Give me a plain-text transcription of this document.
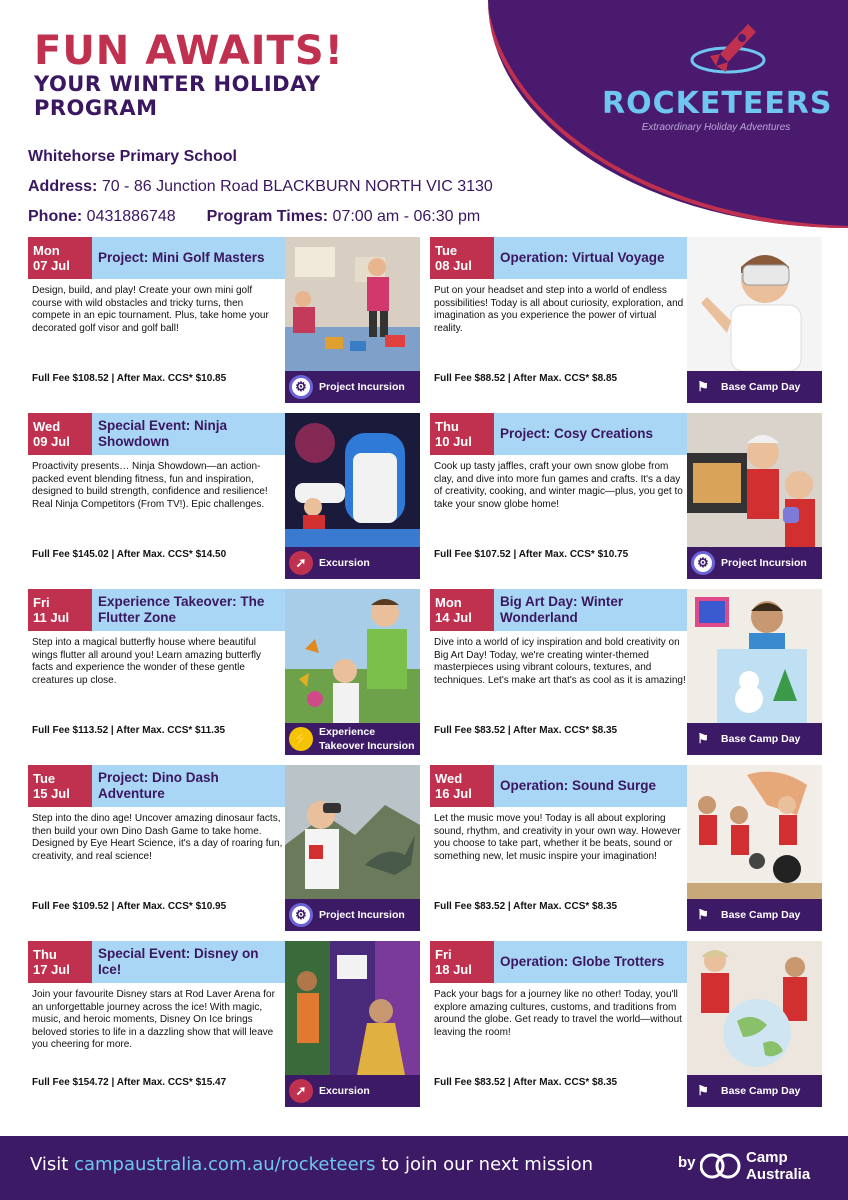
ROCKETEERS
Extraordinary Holiday Adventures
FUN AWAITS!
YOUR WINTER HOLIDAY PROGRAM
Whitehorse Primary School
Address: 70 - 86 Junction Road BLACKBURN NORTH VIC 3130
Phone: 0431886748 Program Times: 07:00 am - 06:30 pm
Mon
07 Jul
Project: Mini Golf Masters
Design, build, and play! Create your own mini golf course with wild obstacles and tricky turns, then compete in an epic tournament. Plus, take home your decorated golf visor and golf ball!
Full Fee $108.52 | After Max. CCS* $10.85
⚙	Project Incursion
Tue
08 Jul
Operation: Virtual Voyage
Put on your headset and step into a world of endless possibilities! Today is all about curiosity, exploration, and imagination as you experience the power of virtual reality.
Full Fee $88.52 | After Max. CCS* $8.85
⚑	Base Camp Day
Wed
09 Jul
Special Event: Ninja Showdown
Proactivity presents… Ninja Showdown—an action-packed event blending fitness, fun and inspiration, designed to build strength, confidence and resilience! Real Ninja Competitors (From TV!). Epic challenges.
Full Fee $145.02 | After Max. CCS* $14.50
➚	Excursion
Thu
10 Jul
Project: Cosy Creations
Cook up tasty jaffles, craft your own snow globe from clay, and dive into more fun games and crafts. It's a day of creativity, cooking, and winter magic—plus, you get to take your snow globe home!
Full Fee $107.52 | After Max. CCS* $10.75
⚙	Project Incursion
Fri
11 Jul
Experience Takeover: The Flutter Zone
Step into a magical butterfly house where beautiful wings flutter all around you! Learn amazing butterfly facts and experience the wonder of these gentle creatures up close.
Full Fee $113.52 | After Max. CCS* $11.35
⚡ Experience Takeover Incursion
Mon
14 Jul
Big Art Day: Winter Wonderland
Dive into a world of icy inspiration and bold creativity on Big Art Day! Today, we're creating winter-themed masterpieces using vibrant colours, textures, and techniques. Let's make art that's as cool as it is amazing!
Full Fee $83.52 | After Max. CCS* $8.35
⚑	Base Camp Day
Tue
15 Jul
Project: Dino Dash Adventure
Step into the dino age! Uncover amazing dinosaur facts, then build your own Dino Dash Game to take home. Designed by Eye Heart Science, it's a day of roaring fun, creativity, and real science!
Full Fee $109.52 | After Max. CCS* $10.95
⚙	Project Incursion
Wed
16 Jul
Operation: Sound Surge
Let the music move you! Today is all about exploring sound, rhythm, and creativity in your own way. However you choose to take part, whether it be beats, sound or something new, let music inspire your imagination!
Full Fee $83.52 | After Max. CCS* $8.35
⚑	Base Camp Day
Thu
17 Jul
Special Event: Disney on Ice!
Join your favourite Disney stars at Rod Laver Arena for an unforgettable journey across the ice! With magic, music, and heroic moments, Disney On Ice brings beloved stories to life in a dazzling show that will leave you cheering for more.
Full Fee $154.72 | After Max. CCS* $15.47
➚	Excursion
Fri
18 Jul
Operation: Globe Trotters
Pack your bags for a journey like no other! Today, you'll explore amazing cultures, customs, and traditions from around the globe. Get ready to travel the world—without leaving the room!
Full Fee $83.52 | After Max. CCS* $8.35
⚑	Base Camp Day
Visit campaustralia.com.au/rocketeers to join our next mission	by	Camp
Australia
